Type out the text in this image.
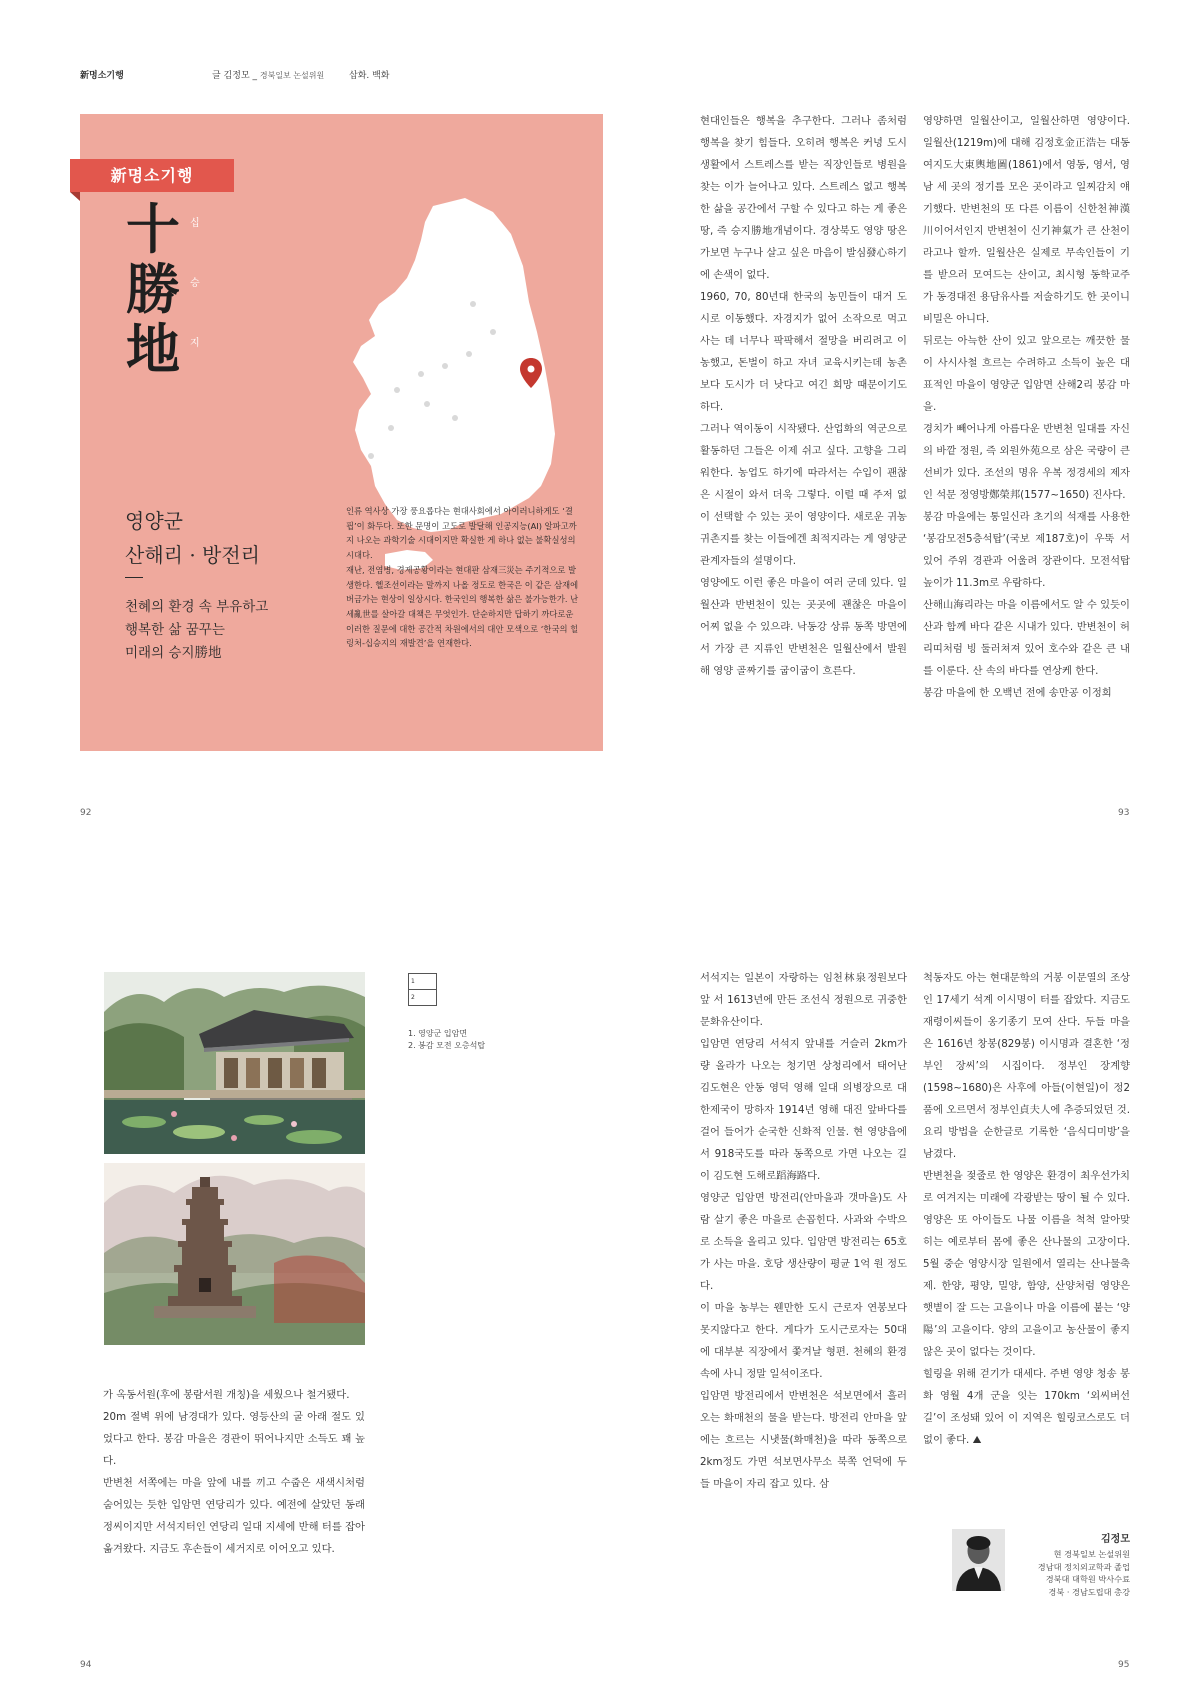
新명소기행	글 김정모 _ 경북일보 논설위원	삽화. 백화
新명소기행
十 십
勝 승
地 지
영양군
산해리 · 방전리
천혜의 환경 속 부유하고
행복한 삶 꿈꾸는
미래의 승지勝地

인류 역사상 가장 풍요롭다는 현대사회에서 아이러니하게도 ‘결핍’이 화두다. 또한 문명이 고도로 발달해 인공지능(AI) 알파고까지 나오는 과학기술 시대이지만 확실한 게 하나 없는 불확실성의 시대다.

재난, 전염병, 경제공황이라는 현대판 삼재三災는 주기적으로 발생한다. 헬조선이라는 말까지 나올 정도로 한국은 이 같은 삼재에 버금가는 현상이 일상시다. 한국인의 행복한 삶은 불가능한가. 난세亂世를 살아갈 대책은 무엇인가. 단순하지만 답하기 까다로운 이러한 질문에 대한 공간적 차원에서의 대안 모색으로 ‘한국의 힐링처-십승지의 재발견’을 연재한다.

현대인들은 행복을 추구한다. 그러나 좀처럼 행복을 찾기 힘들다. 오히려 행복은 커녕 도시생활에서 스트레스를 받는 직장인들로 병원을 찾는 이가 늘어나고 있다. 스트레스 없고 행복한 삶을 공간에서 구할 수 있다고 하는 게 좋은 땅, 즉 승지勝地개념이다. 경상북도 영양 땅은 가보면 누구나 살고 싶은 마음이 발심發心하기에 손색이 없다.

1960, 70, 80년대 한국의 농민들이 대거 도시로 이동했다. 자경지가 없어 소작으로 먹고사는 데 너무나 팍팍해서 절망을 버리려고 이농했고, 돈벌이 하고 자녀 교육시키는데 농촌보다 도시가 더 낫다고 여긴 희망 때문이기도 하다.

그러나 역이동이 시작됐다. 산업화의 역군으로 활동하던 그들은 이제 쉬고 싶다. 고향을 그리워한다. 농업도 하기에 따라서는 수입이 괜찮은 시절이 와서 더욱 그렇다. 이럴 때 주저 없이 선택할 수 있는 곳이 영양이다. 새로운 귀농 귀촌지를 찾는 이들에겐 최적지라는 게 영양군 관계자들의 설명이다.

영양에도 이런 좋은 마을이 여러 군데 있다. 일월산과 반변천이 있는 곳곳에 괜찮은 마을이 어찌 없을 수 있으랴. 낙동강 상류 동쪽 방면에서 가장 큰 지류인 반변천은 일월산에서 발원해 영양 골짜기를 굽이굽이 흐른다.

영양하면 일월산이고, 일월산하면 영양이다. 일월산(1219m)에 대해 김정호金正浩는 대동여지도大東輿地圖(1861)에서 영동, 영서, 영남 세 곳의 정기를 모은 곳이라고 일찌감치 얘기했다. 반변천의 또 다른 이름이 신한천神漢川이어서인지 반변천이 신기神氣가 큰 산천이라고나 할까. 일월산은 실제로 무속인들이 기를 받으러 모여드는 산이고, 최시형 동학교주가 동경대전 용담유사를 저술하기도 한 곳이니 비밀은 아니다.

뒤로는 아늑한 산이 있고 앞으로는 깨끗한 물이 사시사철 흐르는 수려하고 소득이 높은 대표적인 마을이 영양군 입암면 산해2리 봉감 마을.

경치가 빼어나게 아름다운 반변천 일대를 자신의 바깥 정원, 즉 외원外苑으로 삼은 국량이 큰 선비가 있다. 조선의 명유 우복 정경세의 제자인 석문 정영방鄭榮邦(1577~1650) 진사다.

봉감 마을에는 통일신라 초기의 석재를 사용한 ‘봉감모전5층석탑’(국보 제187호)이 우뚝 서 있어 주위 경관과 어울려 장관이다. 모전석탑 높이가 11.3m로 우람하다.

산해山海리라는 마을 이름에서도 알 수 있듯이 산과 함께 바다 같은 시내가 있다. 반변천이 허리띠처럼 빙 둘러쳐져 있어 호수와 같은 큰 내를 이룬다. 산 속의 바다를 연상케 한다.

봉감 마을에 한 오백년 전에 송만공 이정희

92	93
1
2
1. 영양군 입암면
2. 봉감 모전 오층석탑

가 옥동서원(후에 봉람서원 개칭)을 세웠으나 철거됐다.

20m 절벽 위에 남경대가 있다. 영등산의 굴 아래 절도 있었다고 한다. 봉감 마을은 경관이 뛰어나지만 소득도 꽤 높다.

반변천 서쪽에는 마을 앞에 내를 끼고 수줍은 새색시처럼 숨어있는 듯한 입암면 연당리가 있다. 예전에 살았던 동래정씨이지만 서석지터인 연당리 일대 지세에 반해 터를 잡아 옮겨왔다. 지금도 후손들이 세거지로 이어오고 있다.

서석지는 일본이 자랑하는 임천林泉정원보다 앞 서 1613년에 만든 조선식 정원으로 귀중한 문화유산이다.

입암면 연당리 서석지 앞내를 거슬러 2km가량 올라가 나오는 청기면 상청리에서 태어난 김도현은 안동 영덕 영해 일대 의병장으로 대한제국이 망하자 1914년 영해 대진 앞바다를 걸어 들어가 순국한 신화적 인물. 현 영양읍에서 918국도를 따라 동쪽으로 가면 나오는 길이 김도현 도해로蹈海路다.

영양군 입암면 방전리(안마을과 갯마을)도 사람 살기 좋은 마을로 손꼽힌다. 사과와 수박으로 소득을 올리고 있다. 입암면 방전리는 65호가 사는 마을. 호당 생산량이 평균 1억 원 정도다.

이 마을 농부는 웬만한 도시 근로자 연봉보다 못지않다고 한다. 게다가 도시근로자는 50대에 대부분 직장에서 쫓겨날 형편. 천혜의 환경 속에 사니 정말 일석이조다.

입암면 방전리에서 반변천은 석보면에서 흘러오는 화매천의 물을 받는다. 방전리 안마을 앞에는 흐르는 시냇물(화매천)을 따라 동쪽으로 2km정도 가면 석보면사무소 북쪽 언덕에 두들 마을이 자리 잡고 있다. 삼

척동자도 아는 현대문학의 거봉 이문열의 조상인 17세기 석계 이시명이 터를 잡았다. 지금도 재령이씨들이 옹기종기 모여 산다. 두들 마을은 1616년 창봉(829봉) 이시명과 결혼한 ‘정부인 장씨’의 시집이다. 정부인 장계향(1598~1680)은 사후에 아들(이현일)이 정2품에 오르면서 정부인貞夫人에 추증되었던 것. 요리 방법을 순한글로 기록한 ‘음식디미방’을 남겼다.

반변천을 젖줄로 한 영양은 환경이 최우선가치로 여겨지는 미래에 각광받는 땅이 될 수 있다. 영양은 또 아이들도 나물 이름을 척척 알아맞히는 예로부터 몸에 좋은 산나물의 고장이다. 5월 중순 영양시장 일원에서 열리는 산나물축제. 한양, 평양, 밀양, 함양, 산양처럼 영양은 햇볕이 잘 드는 고을이나 마을 이름에 붙는 ‘양陽’의 고을이다. 양의 고을이고 농산물이 좋지 않은 곳이 없다는 것이다.

힐링을 위해 걷기가 대세다. 주변 영양 청송 봉화 영월 4개 군을 잇는 170km ‘외씨버선길’이 조성돼 있어 이 지역은 힐링코스로도 더 없이 좋다. ⛰

김정모
현 경북일보 논설위원
경남대 정치외교학과 졸업
경북대 대학원 박사수료
경북 · 경남도립대 총강
94	95
